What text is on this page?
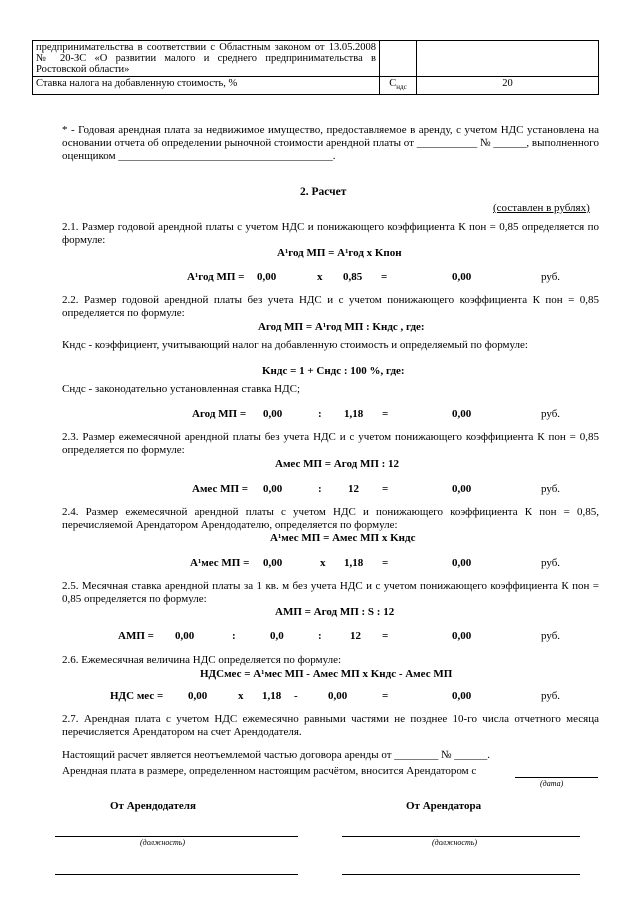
предпринимательства в соответствии с Областным законом от 13.05.2008 № 20-ЗС «О развитии малого и среднего предпринимательства в Ростовской области»		
Ставка налога на добавленную стоимость, %	$С_{ндс}$	20
* - Годовая арендная плата за недвижимое имущество, предоставляемое в аренду, с учетом НДС установлена на основании отчета об определении рыночной стоимости арендной платы от ___________ № ______, выполненного оценщиком _______________________________________.
2. Расчет
(составлен в рублях)
2.1. Размер годовой арендной платы с учетом НДС и понижающего коэффициента К пон = 0,85 определяется по формуле:
A¹год МП = A¹год x Kпон
A¹год МП = 0,00	x 0,85 =	0,00	руб.
2.2. Размер годовой арендной платы без учета НДС и с учетом понижающего коэффициента К пон = 0,85 определяется по формуле:
Aгод МП = A¹год МП : Kндс , где:
Кндс - коэффициент, учитывающий налог на добавленную стоимость и определяемый по формуле:
Kндс = 1 + Cндс : 100 %, где:
Cндс - законодательно установленная ставка НДС;
Aгод МП = 0,00	: 1,18 =	0,00	руб.
2.3. Размер ежемесячной арендной платы без учета НДС и с учетом понижающего коэффициента К пон = 0,85 определяется по формуле:
Aмес МП = Aгод МП : 12
Aмес МП = 0,00	: 12 =	0,00	руб.
2.4. Размер ежемесячной арендной платы с учетом НДС и понижающего коэффициента К пон = 0,85, перечисляемой Арендатором Арендодателю, определяется по формуле:
A¹мес МП = Aмес МП x Kндс
A¹мес МП = 0,00	x 1,18 =	0,00	руб.
2.5. Месячная ставка арендной платы за 1 кв. м без учета НДС и с учетом понижающего коэффициента К пон = 0,85 определяется по формуле:
AМП = Aгод МП : S : 12
AМП = 0,00	:	0,0	:	12 =	0,00	руб.
2.6. Ежемесячная величина НДС определяется по формуле:
НДСмес = A¹мес МП - Aмес МП x Kндс - Aмес МП
НДС мес = 0,00	x 1,18 -	0,00	=	0,00	руб.
2.7. Арендная плата с учетом НДС ежемесячно равными частями не позднее 10-го числа отчетного месяца перечисляется Арендатором на счет Арендодателя.
Настоящий расчет является неотъемлемой частью договора аренды от ________ № ______.
Арендная плата в размере, определенном настоящим расчётом, вносится Арендатором с
(дата)
От Арендодателя	От Арендатора
(должность)	(должность)
